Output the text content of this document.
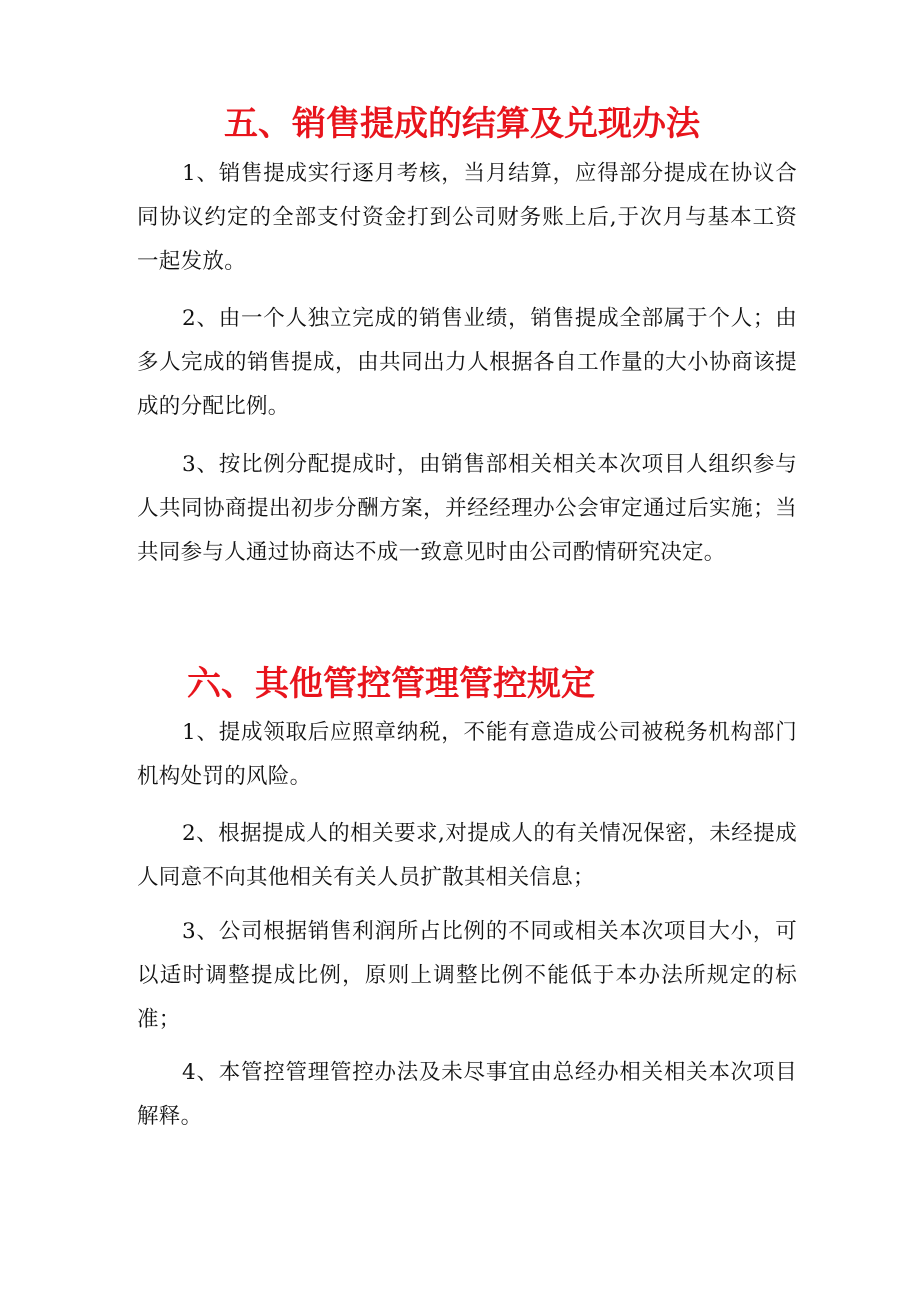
五、销售提成的结算及兑现办法

1、销售提成实行逐月考核，当月结算，应得部分提成在协议合同协议约定的全部支付资金打到公司财务账上后,于次月与基本工资一起发放。

2、由一个人独立完成的销售业绩，销售提成全部属于个人；由多人完成的销售提成，由共同出力人根据各自工作量的大小协商该提成的分配比例。

3、按比例分配提成时，由销售部相关相关本次项目人组织参与人共同协商提出初步分酬方案，并经经理办公会审定通过后实施；当共同参与人通过协商达不成一致意见时由公司酌情研究决定。

六、其他管控管理管控规定

1、提成领取后应照章纳税，不能有意造成公司被税务机构部门机构处罚的风险。

2、根据提成人的相关要求,对提成人的有关情况保密，未经提成人同意不向其他相关有关人员扩散其相关信息；

3、公司根据销售利润所占比例的不同或相关本次项目大小，可以适时调整提成比例，原则上调整比例不能低于本办法所规定的标准；

4、本管控管理管控办法及未尽事宜由总经办相关相关本次项目解释。
